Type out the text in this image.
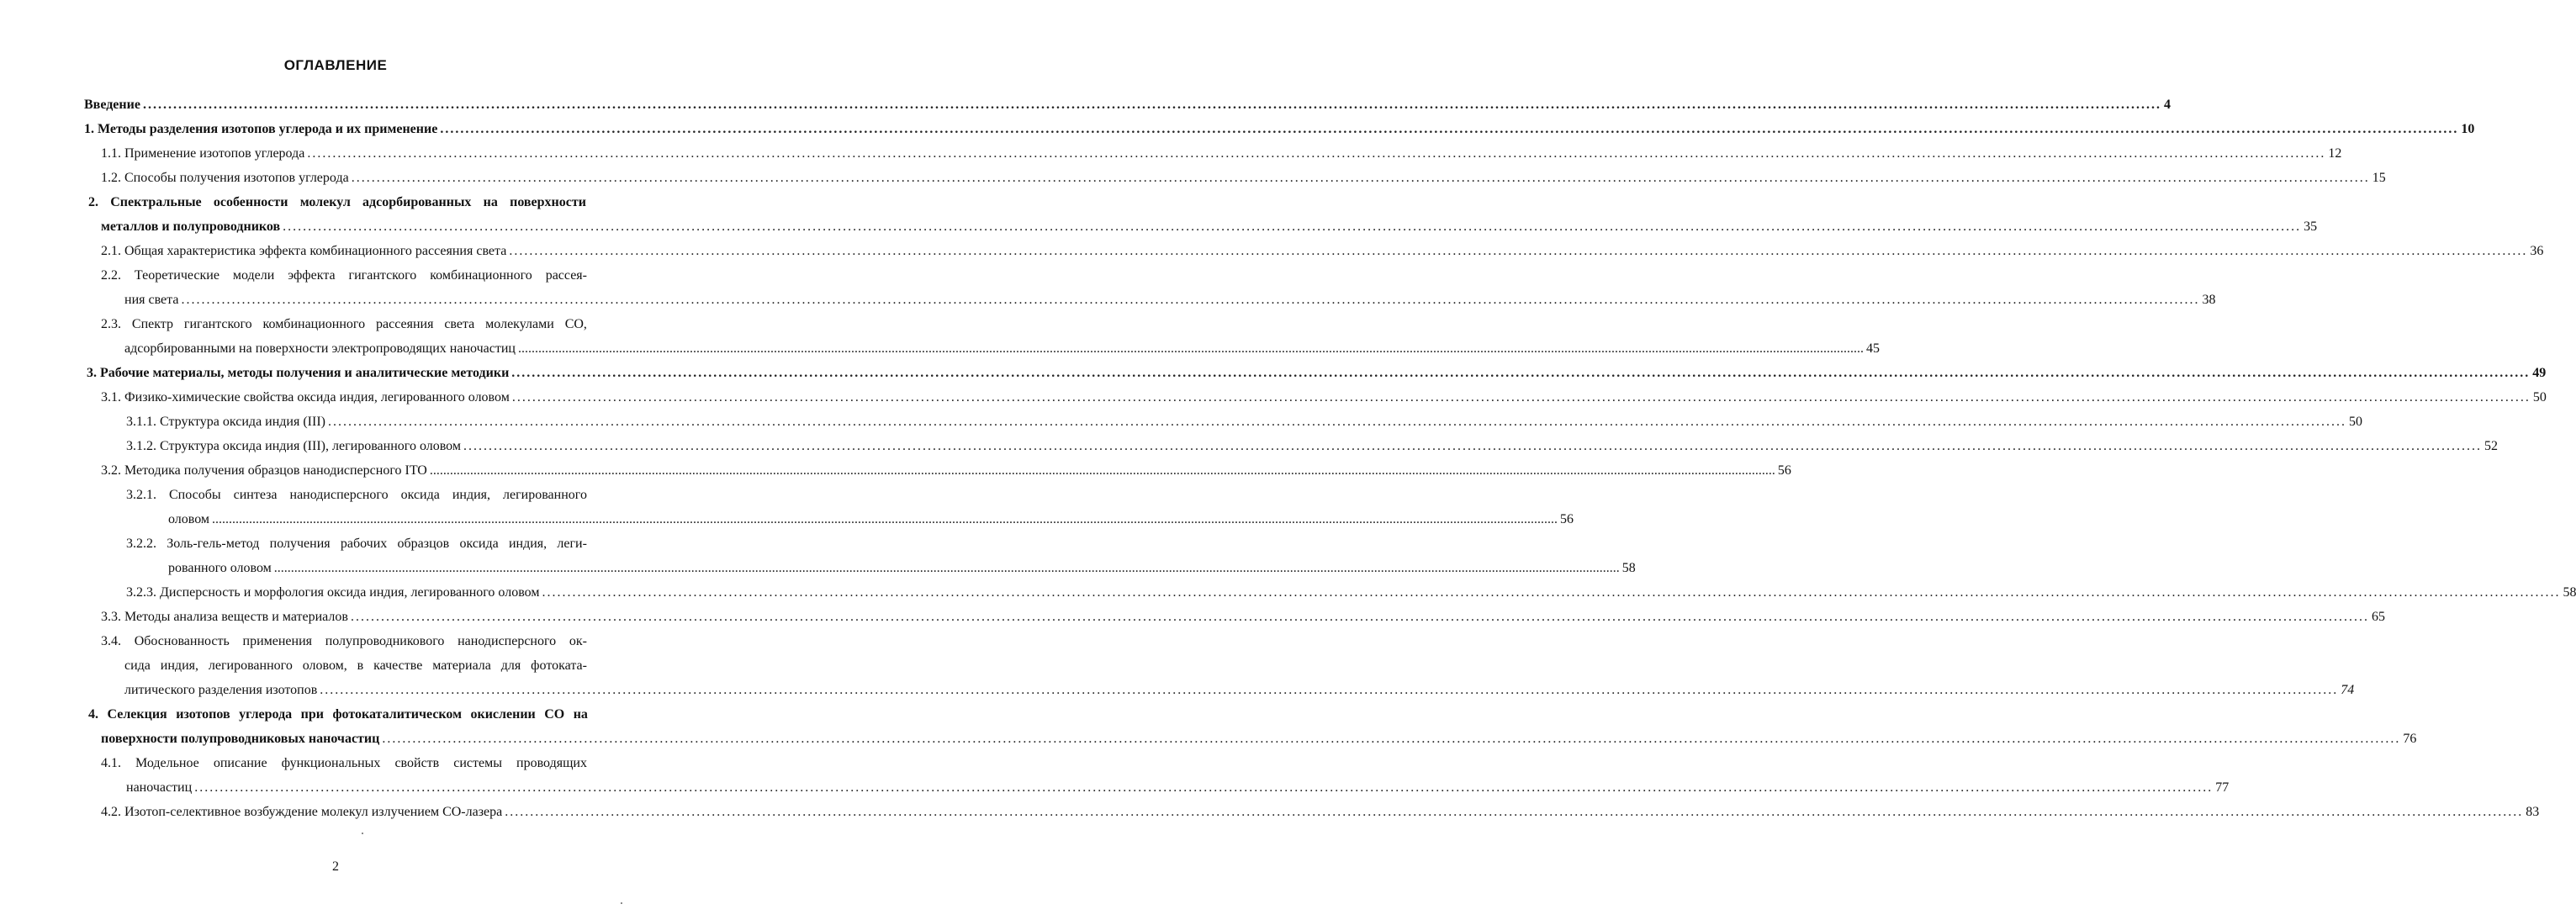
ОГЛАВЛЕНИЕ
Введение ................................................................................................................................................................................................................................................................................................................................................................................................................ 4
1. Методы разделения изотопов углерода и их применение ................................................................................................................................................................................................................................................................................................................................................................................................................ 10
1.1. Применение изотопов углерода ................................................................................................................................................................................................................................................................................................................................................................................................................ 12
1.2. Способы получения изотопов углерода ................................................................................................................................................................................................................................................................................................................................................................................................................ 15
2. Спектральные особенности молекул адсорбированных на поверхности
металлов и полупроводников ................................................................................................................................................................................................................................................................................................................................................................................................................ 35
2.1. Общая характеристика эффекта комбинационного рассеяния света ................................................................................................................................................................................................................................................................................................................................................................................................................ 36
2.2. Теоретические модели эффекта гигантского комбинационного рассея-
ния света ................................................................................................................................................................................................................................................................................................................................................................................................................ 38
2.3. Спектр гигантского комбинационного рассеяния света молекулами СО,
адсорбированными на поверхности электропроводящих наночастиц ................................................................................................................................................................................................................................................................................................................................................................................................................ 45
3. Рабочие материалы, методы получения и аналитические методики ................................................................................................................................................................................................................................................................................................................................................................................................................ 49
3.1. Физико-химические свойства оксида индия, легированного оловом ................................................................................................................................................................................................................................................................................................................................................................................................................ 50
3.1.1. Структура оксида индия (III) ................................................................................................................................................................................................................................................................................................................................................................................................................ 50
3.1.2. Структура оксида индия (III), легированного оловом ................................................................................................................................................................................................................................................................................................................................................................................................................ 52
3.2. Методика получения образцов нанодисперсного ITO ................................................................................................................................................................................................................................................................................................................................................................................................................ 56
3.2.1. Способы синтеза нанодисперсного оксида индия, легированного
оловом ................................................................................................................................................................................................................................................................................................................................................................................................................ 56
3.2.2. Золь-гель-метод получения рабочих образцов оксида индия, леги-
рованного оловом ................................................................................................................................................................................................................................................................................................................................................................................................................ 58
3.2.3. Дисперсность и морфология оксида индия, легированного оловом ................................................................................................................................................................................................................................................................................................................................................................................................................ 58
3.3. Методы анализа веществ и материалов ................................................................................................................................................................................................................................................................................................................................................................................................................ 65
3.4. Обоснованность применения полупроводникового нанодисперсного ок-
сида индия, легированного оловом, в качестве материала для фотоката-
литического разделения изотопов ................................................................................................................................................................................................................................................................................................................................................................................................................ 74
4. Селекция изотопов углерода при фотокаталитическом окислении СО на
поверхности полупроводниковых наночастиц ................................................................................................................................................................................................................................................................................................................................................................................................................ 76
4.1. Модельное описание функциональных свойств системы проводящих
наночастиц ................................................................................................................................................................................................................................................................................................................................................................................................................ 77
4.2. Изотоп-селективное возбуждение молекул излучением СО-лазера ................................................................................................................................................................................................................................................................................................................................................................................................................ 83
2
